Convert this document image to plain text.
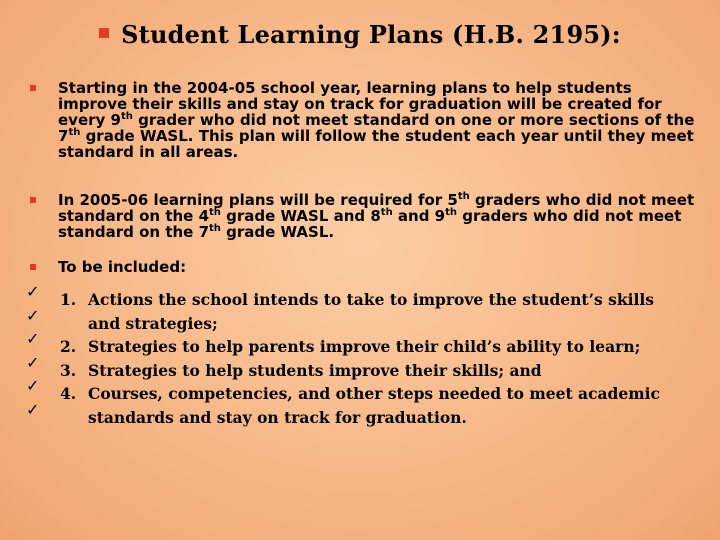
Student Learning Plans (H.B. 2195):
Starting in the 2004-05 school year, learning plans to help students improve their skills and stay on track for graduation will be created for every 9th grader who did not meet standard on one or more sections of the 7th grade WASL. This plan will follow the student each year until they meet standard in all areas.
In 2005-06 learning plans will be required for 5th graders who did not meet standard on the 4th grade WASL and 8th and 9th graders who did not meet standard on the 7th grade WASL.
To be included:
✓
✓
✓
✓
✓
✓
1. Actions the school intends to take to improve the student’s skills
and strategies;
2. Strategies to help parents improve their child’s ability to learn;
3. Strategies to help students improve their skills; and
4. Courses, competencies, and other steps needed to meet academic
standards and stay on track for graduation.
